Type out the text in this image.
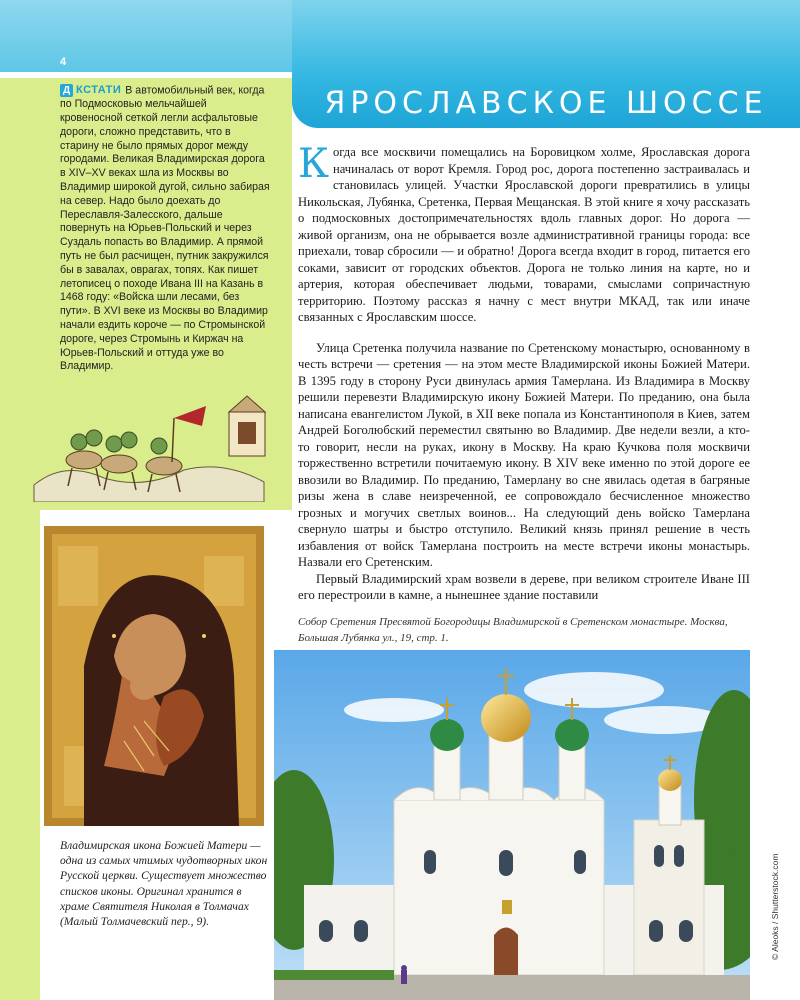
4
ЯРОСЛАВСКОЕ ШОССЕ
Д КСТАТИ В автомобильный век, когда по Подмосковью мельчайшей кровеносной сеткой легли асфальтовые дороги, сложно представить, что в старину не было прямых дорог между городами. Великая Владимирская дорога в XIV–XV веках шла из Москвы во Владимир широкой дугой, сильно забирая на север. Надо было доехать до Переславля-Залесского, дальше повернуть на Юрьев-Польский и через Суздаль попасть во Владимир. А прямой путь не был расчищен, путник закружился бы в завалах, оврагах, топях. Как пишет летописец о походе Ивана III на Казань в 1468 году: «Войска шли лесами, без пути». В XVI веке из Москвы во Владимир начали ездить короче — по Стромынской дороге, через Стромынь и Киржач на Юрьев-Польский и оттуда уже во Владимир.
Владимирская икона Божией Матери — одна из самых чтимых чудотворных икон Русской церкви. Существует множество списков иконы. Оригинал хранится в храме Святителя Николая в Толмачах (Малый Толмачевский пер., 9).

Когда все москвичи помещались на Боровицком холме, Ярославская дорога начиналась от ворот Кремля. Город рос, дорога постепенно застраивалась и становилась улицей. Участки Ярославской дороги превратились в улицы Никольская, Лубянка, Сретенка, Первая Мещанская. В этой книге я хочу рассказать о подмосковных достопримечательностях вдоль главных дорог. Но дорога — живой организм, она не обрывается возле административной границы города: все приехали, товар сбросили — и обратно! Дорога всегда входит в город, питается его соками, зависит от городских объектов. Дорога не только линия на карте, но и артерия, которая обеспечивает людьми, товарами, смыслами сопричастную территорию. Поэтому рассказ я начну с мест внутри МКАД, так или иначе связанных с Ярославским шоссе.

Улица Сретенка получила название по Сретенскому монастырю, основанному в честь встречи — сретения — на этом месте Владимирской иконы Божией Матери. В 1395 году в сторону Руси двинулась армия Тамерлана. Из Владимира в Москву решили перевезти Владимирскую икону Божией Матери. По преданию, она была написана евангелистом Лукой, в XII веке попала из Константинополя в Киев, затем Андрей Боголюбский переместил святыню во Владимир. Две недели везли, а кто-то говорит, несли на руках, икону в Москву. На краю Кучкова поля москвичи торжественно встретили почитаемую икону. В XIV веке именно по этой дороге ее ввозили во Владимир. По преданию, Тамерлану во сне явилась одетая в багряные ризы жена в славе неизреченной, ее сопровождало бесчисленное множество грозных и могучих светлых воинов... На следующий день войско Тамерлана свернуло шатры и быстро отступило. Великий князь принял решение в честь избавления от войск Тамерлана построить на месте встречи иконы монастырь. Назвали его Сретенским.

Первый Владимирский храм возвели в дереве, при великом строителе Иване III его перестроили в камне, а нынешнее здание поставили

Собор Сретения Пресвятой Богородицы Владимирской в Сретенском монастыре. Москва, Большая Лубянка ул., 19, стр. 1.
© Aleoks / Shutterstock.com
